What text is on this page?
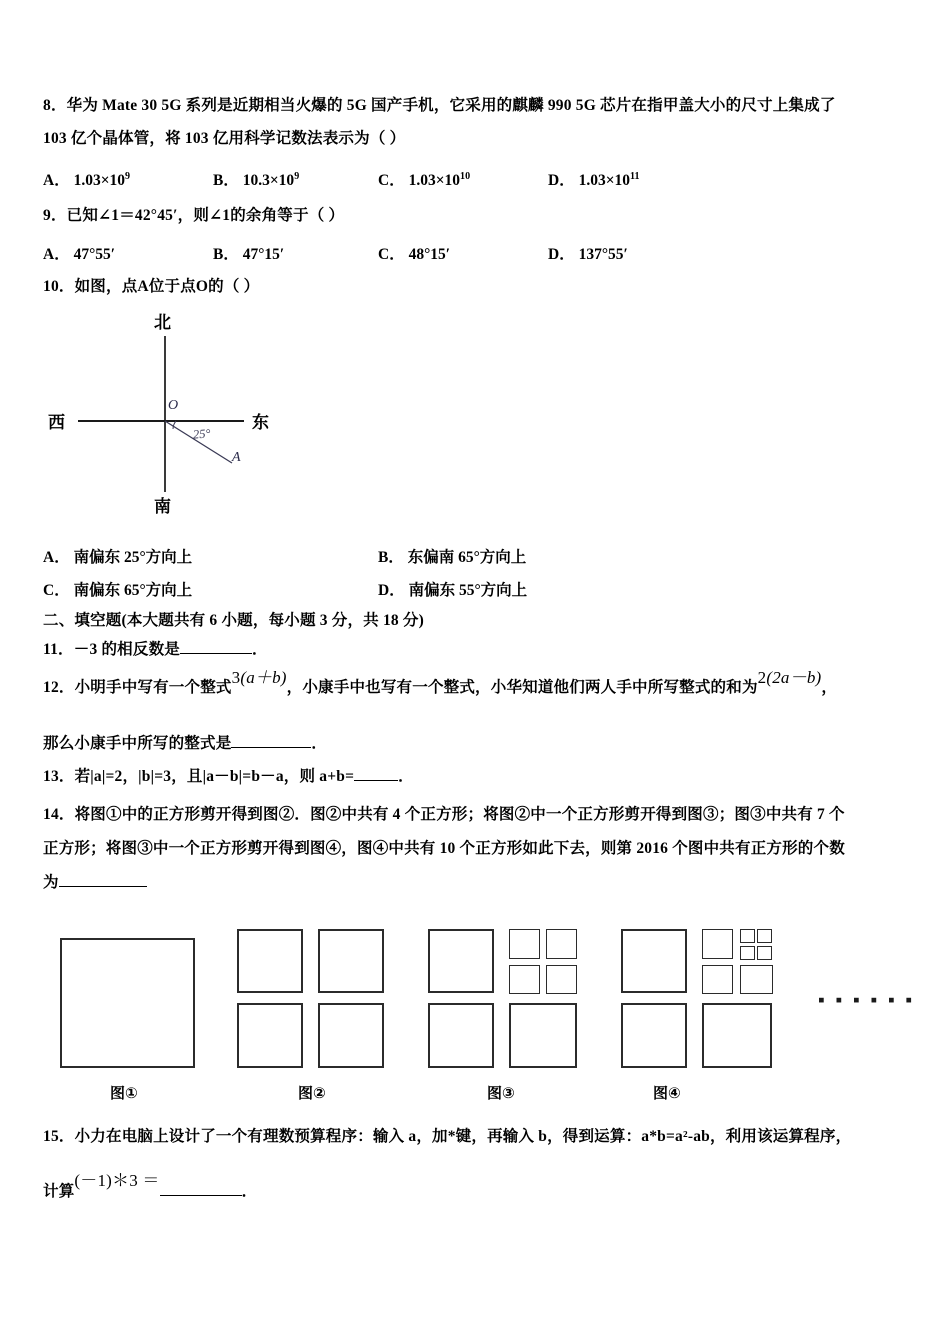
8．华为 Mate 30 5G 系列是近期相当火爆的 5G 国产手机，它采用的麒麟 990 5G 芯片在指甲盖大小的尺寸上集成了
103 亿个晶体管，将 103 亿用科学记数法表示为（ ）
A． $1.03\times 10^9$	B． $10.3\times 10^9$	C． $1.03\times 10^{10}$	D． $1.03\times 10^{11}$
9．已知∠1＝42°45′，则∠1的余角等于（ ）
A． 47°55′	B． 47°15′	C． 48°15′	D． 137°55′
10．如图，点A位于点O的（ ）
北
南
西	东
O
A
25°
A． 南偏东 25°方向上	B． 东偏南 65°方向上
C． 南偏东 65°方向上	D． 南偏东 55°方向上
二、填空题(本大题共有 6 小题，每小题 3 分，共 18 分)
11．－3 的相反数是	．
12．小明手中写有一个整式3(a＋b)，小康手中也写有一个整式，小华知道他们两人手中所写整式的和为2(2a－b)，
那么小康手中所写的整式是	．
13．若|a|=2，|b|=3，且|a－b|=b－a，则 a+b=	．
14．将图①中的正方形剪开得到图②．图②中共有 4 个正方形；将图②中一个正方形剪开得到图③；图③中共有 7 个
正方形；将图③中一个正方形剪开得到图④，图④中共有 10 个正方形如此下去，则第 2016 个图中共有正方形的个数
为
图①	图②	图③	图④
▪ ▪ ▪ ▪ ▪ ▪
15．小力在电脑上设计了一个有理数预算程序：输入 a，加*键，再输入 b，得到运算：a*b=a²-ab，利用该运算程序，
计算(－1)＊3 ＝．
